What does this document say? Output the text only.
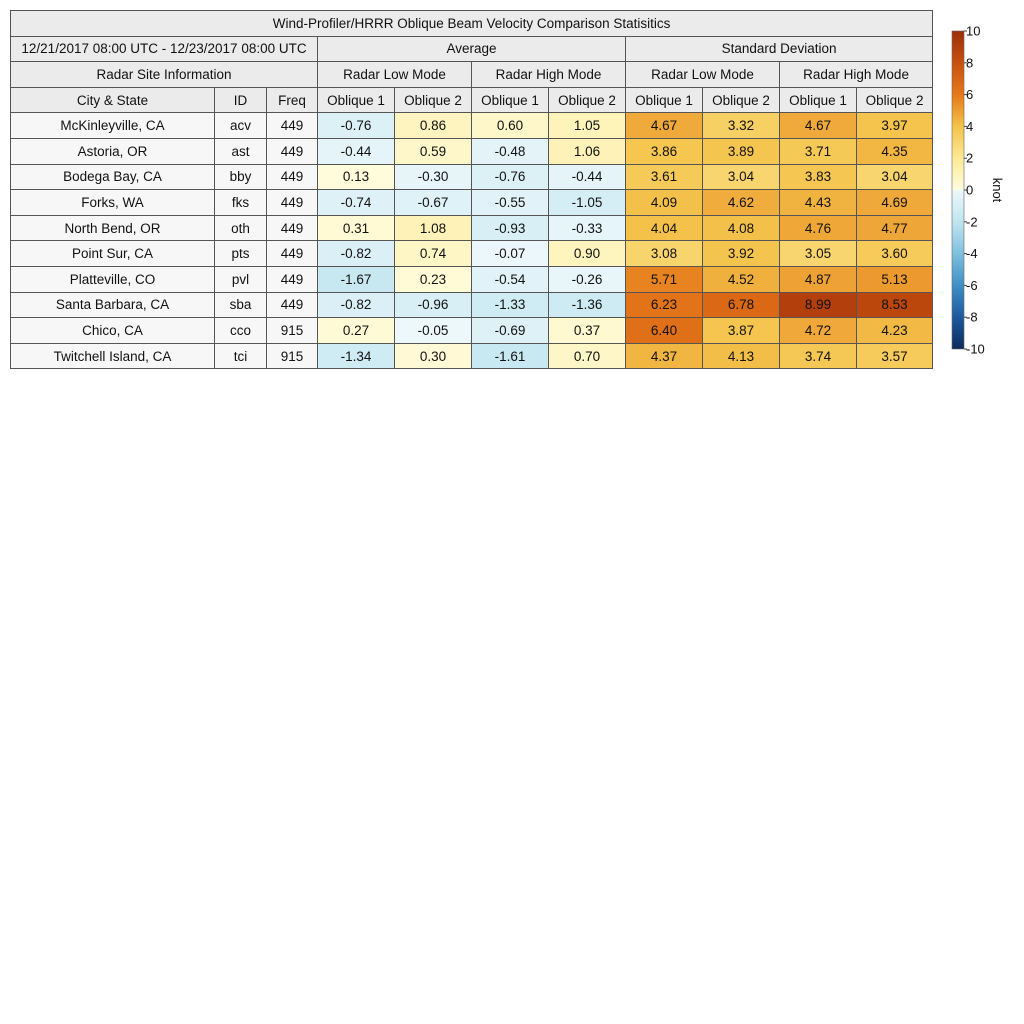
Wind-Profiler/HRRR Oblique Beam Velocity Comparison Statisitics										
12/21/2017 08:00 UTC - 12/23/2017 08:00 UTC			Average				Standard Deviation			
Radar Site Information			Radar Low Mode		Radar High Mode		Radar Low Mode		Radar High Mode	
City & State	ID	Freq	Oblique 1	Oblique 2	Oblique 1	Oblique 2	Oblique 1	Oblique 2	Oblique 1	Oblique 2
McKinleyville, CA	acv	449	-0.76	0.86	0.60	1.05	4.67	3.32	4.67	3.97
Astoria, OR	ast	449	-0.44	0.59	-0.48	1.06	3.86	3.89	3.71	4.35
Bodega Bay, CA	bby	449	0.13	-0.30	-0.76	-0.44	3.61	3.04	3.83	3.04
Forks, WA	fks	449	-0.74	-0.67	-0.55	-1.05	4.09	4.62	4.43	4.69
North Bend, OR	oth	449	0.31	1.08	-0.93	-0.33	4.04	4.08	4.76	4.77
Point Sur, CA	pts	449	-0.82	0.74	-0.07	0.90	3.08	3.92	3.05	3.60
Platteville, CO	pvl	449	-1.67	0.23	-0.54	-0.26	5.71	4.52	4.87	5.13
Santa Barbara, CA	sba	449	-0.82	-0.96	-1.33	-1.36	6.23	6.78	8.99	8.53
Chico, CA	cco	915	0.27	-0.05	-0.69	0.37	6.40	3.87	4.72	4.23
Twitchell Island, CA	tci	915	-1.34	0.30	-1.61	0.70	4.37	4.13	3.74	3.57
10
8
6
4
2
0
-2
-4
-6
-8
-10
knot
